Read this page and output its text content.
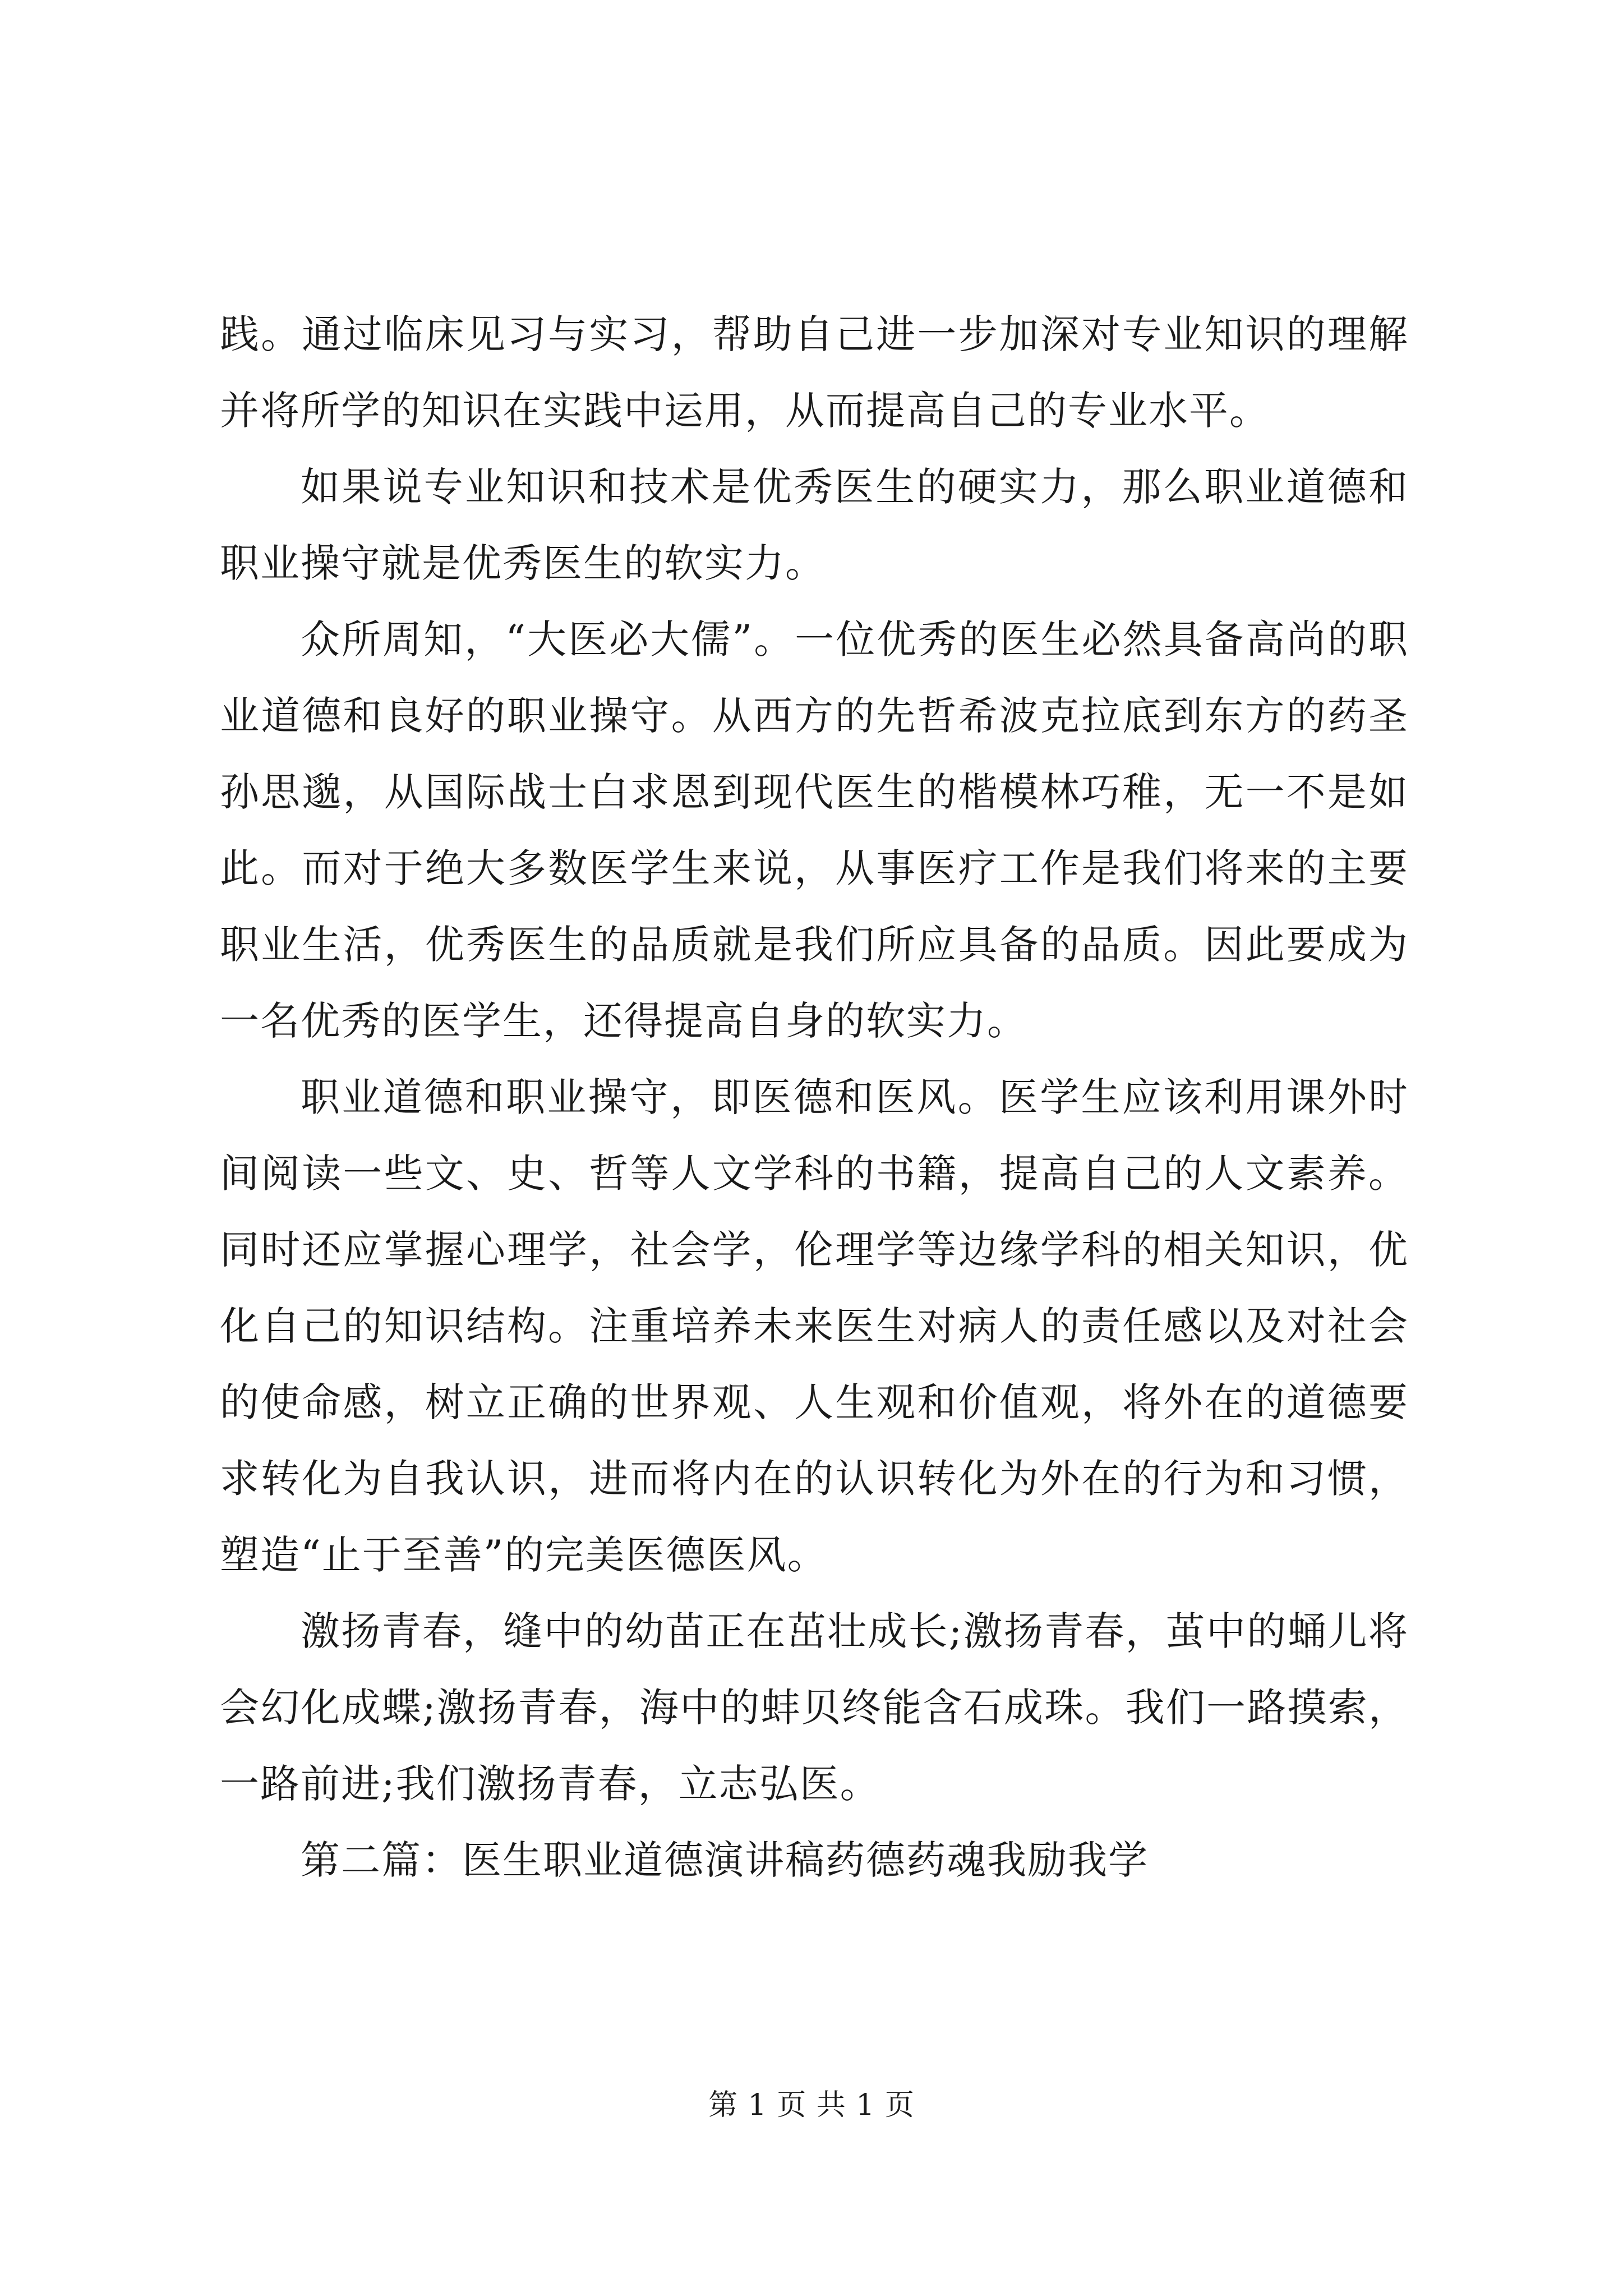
践。通过临床见习与实习，帮助自己进一步加深对专业知识的理解并将所学的知识在实践中运用，从而提高自己的专业水平。

如果说专业知识和技术是优秀医生的硬实力，那么职业道德和职业操守就是优秀医生的软实力。

众所周知，“大医必大儒”。一位优秀的医生必然具备高尚的职业道德和良好的职业操守。从西方的先哲希波克拉底到东方的药圣孙思邈，从国际战士白求恩到现代医生的楷模林巧稚，无一不是如此。而对于绝大多数医学生来说，从事医疗工作是我们将来的主要职业生活，优秀医生的品质就是我们所应具备的品质。因此要成为一名优秀的医学生，还得提高自身的软实力。

职业道德和职业操守，即医德和医风。医学生应该利用课外时间阅读一些文、史、哲等人文学科的书籍，提高自己的人文素养。同时还应掌握心理学，社会学，伦理学等边缘学科的相关知识，优化自己的知识结构。注重培养未来医生对病人的责任感以及对社会的使命感，树立正确的世界观、人生观和价值观，将外在的道德要求转化为自我认识，进而将内在的认识转化为外在的行为和习惯，塑造“止于至善”的完美医德医风。

激扬青春，缝中的幼苗正在茁壮成长;激扬青春，茧中的蛹儿将会幻化成蝶;激扬青春，海中的蚌贝终能含石成珠。我们一路摸索，一路前进;我们激扬青春，立志弘医。

第二篇：医生职业道德演讲稿药德药魂我励我学

第 1 页 共 1 页
